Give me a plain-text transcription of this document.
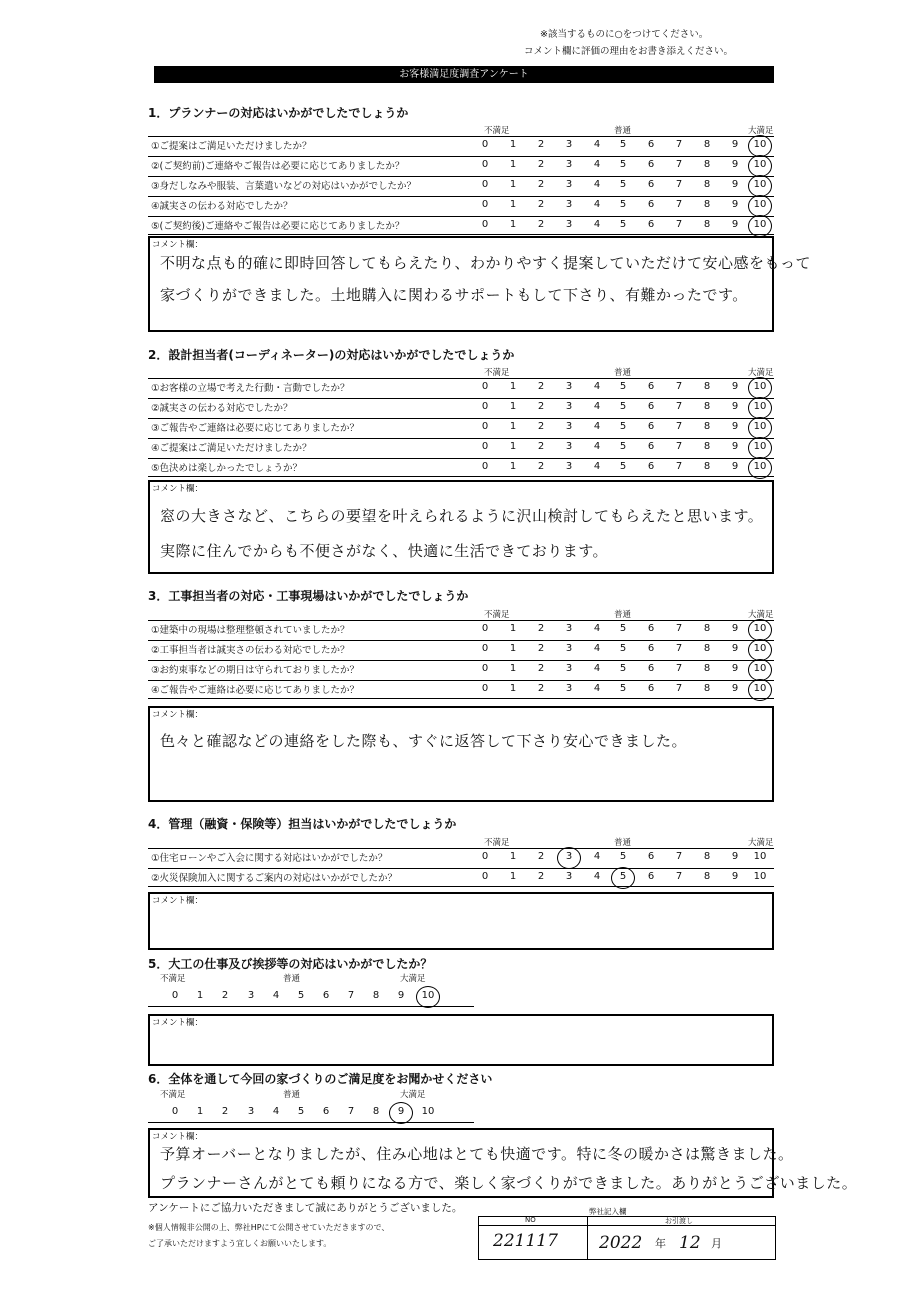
※該当するものに○をつけてください。
コメント欄に評価の理由をお書き添えください。
お客様満足度調査アンケート
1．プランナーの対応はいかがでしたでしょうか
不満足	普通	大満足
①ご提案はご満足いただけましたか？	0	1	2	3	4	5	6	7	8	9	10
②(ご契約前)ご連絡やご報告は必要に応じてありましたか？	0	1	2	3	4	5	6	7	8	9	10
③身だしなみや服装、言葉遣いなどの対応はいかがでしたか？	0	1	2	3	4	5	6	7	8	9	10
④誠実さの伝わる対応でしたか？	0	1	2	3	4	5	6	7	8	9	10
⑤(ご契約後)ご連絡やご報告は必要に応じてありましたか？	0	1	2	3	4	5	6	7	8	9	10
コメント欄：
不明な点も的確に即時回答してもらえたり、わかりやすく提案していただけて安心感をもって
家づくりができました。土地購入に関わるサポートもして下さり、有難かったです。
2．設計担当者(コーディネーター)の対応はいかがでしたでしょうか
不満足	普通	大満足
①お客様の立場で考えた行動・言動でしたか？	0	1	2	3	4	5	6	7	8	9	10
②誠実さの伝わる対応でしたか？	0	1	2	3	4	5	6	7	8	9	10
③ご報告やご連絡は必要に応じてありましたか？	0	1	2	3	4	5	6	7	8	9	10
④ご提案はご満足いただけましたか？	0	1	2	3	4	5	6	7	8	9	10
⑤色決めは楽しかったでしょうか？	0	1	2	3	4	5	6	7	8	9	10
コメント欄：
窓の大きさなど、こちらの要望を叶えられるように沢山検討してもらえたと思います。
実際に住んでからも不便さがなく、快適に生活できております。
3．工事担当者の対応・工事現場はいかがでしたでしょうか
不満足	普通	大満足
①建築中の現場は整理整頓されていましたか？	0	1	2	3	4	5	6	7	8	9	10
②工事担当者は誠実さの伝わる対応でしたか？	0	1	2	3	4	5	6	7	8	9	10
③お約束事などの期日は守られておりましたか？	0	1	2	3	4	5	6	7	8	9	10
④ご報告やご連絡は必要に応じてありましたか？	0	1	2	3	4	5	6	7	8	9	10
コメント欄：
色々と確認などの連絡をした際も、すぐに返答して下さり安心できました。
4．管理（融資・保険等）担当はいかがでしたでしょうか
不満足	普通	大満足
①住宅ローンやご入会に関する対応はいかがでしたか？	0	1	2	3	4	5	6	7	8	9	10
②火災保険加入に関するご案内の対応はいかがでしたか？	0	1	2	3	4	5	6	7	8	9	10
コメント欄：
5．大工の仕事及び挨拶等の対応はいかがでしたか？
不満足	普通	大満足
0	1	2	3	4	5	6	7	8	9	10
コメント欄：
6．全体を通して今回の家づくりのご満足度をお聞かせください
不満足	普通	大満足
0	1	2	3	4	5	6	7	8	9	10
コメント欄：
予算オーバーとなりましたが、住み心地はとても快適です。特に冬の暖かさは驚きました。
プランナーさんがとても頼りになる方で、楽しく家づくりができました。ありがとうございました。
アンケートにご協力いただきまして誠にありがとうございました。
※個人情報非公開の上、弊社HPにて公開させていただきますので、
ご了承いただけますよう宜しくお願いいたします。
弊社記入欄
NO	お引渡し
221117 2022 年 12 月
